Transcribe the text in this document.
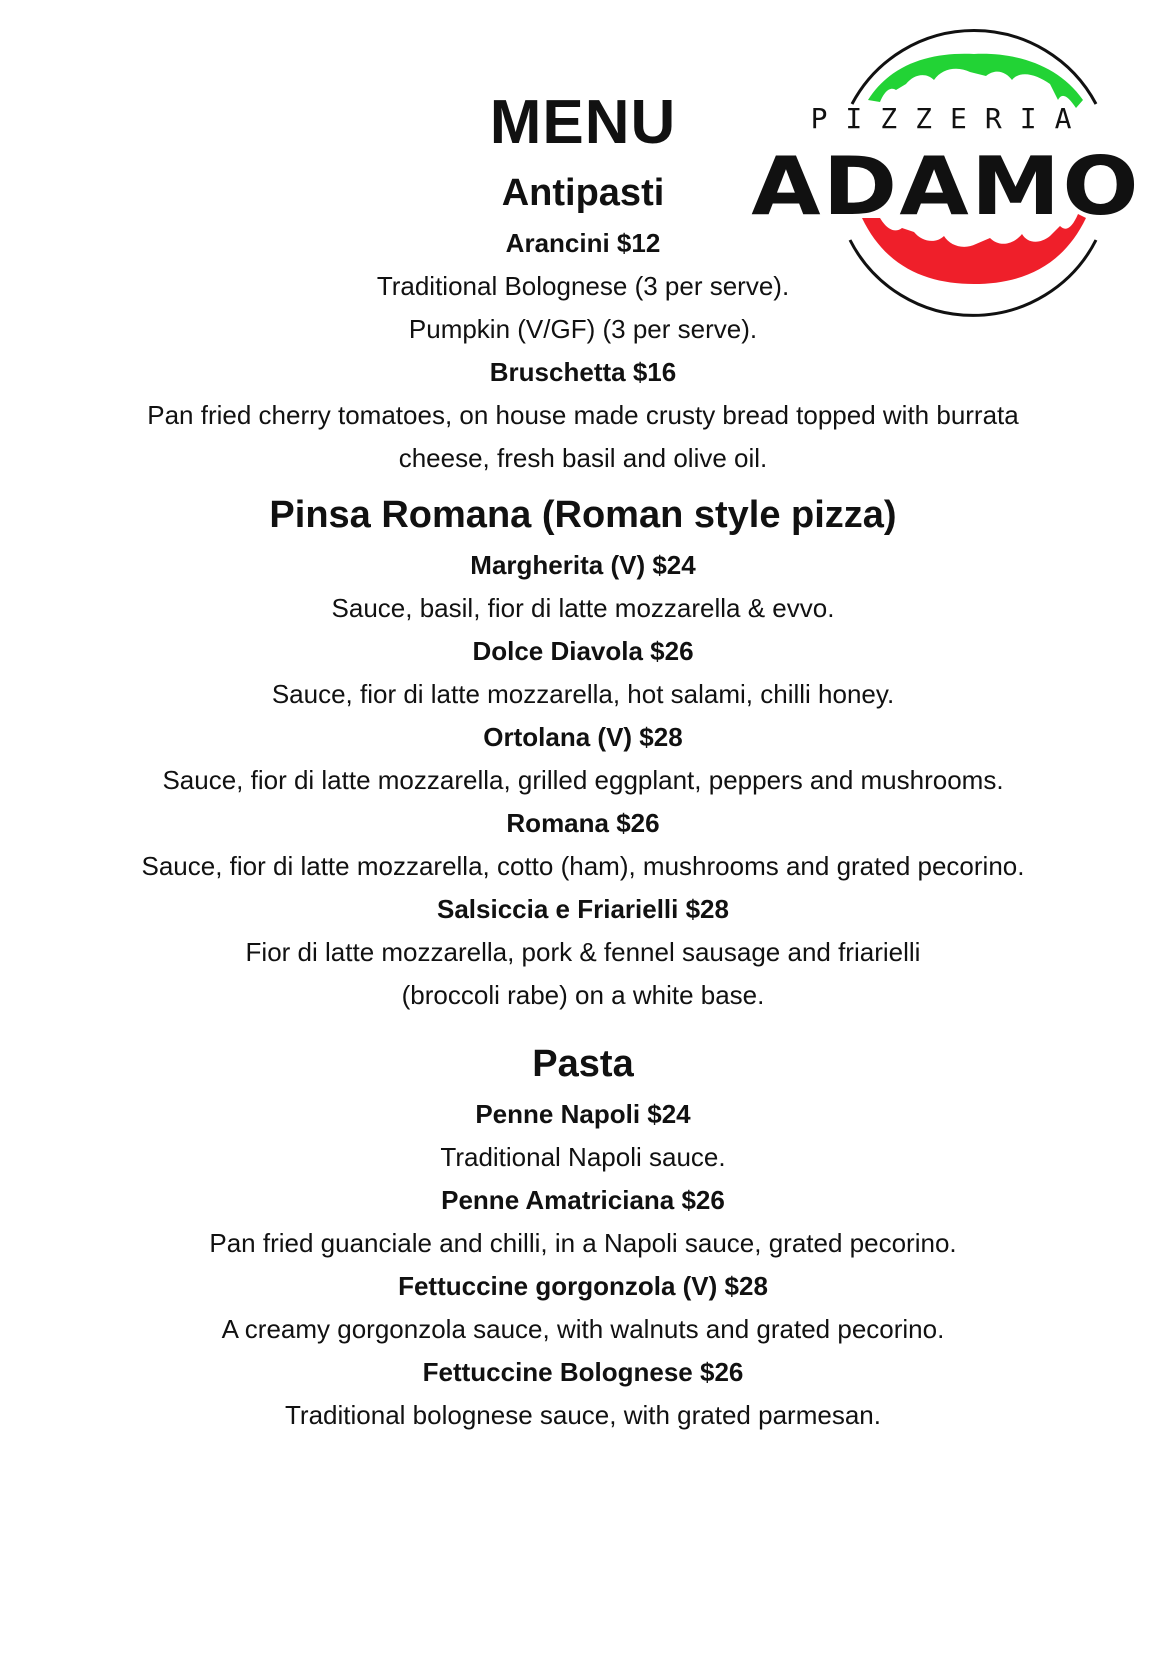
PIZZERIA
ADAMO
MENU
Antipasti
Arancini $12
Traditional Bolognese (3 per serve).
Pumpkin (V/GF) (3 per serve).
Bruschetta $16
Pan fried cherry tomatoes, on house made crusty bread topped with burrata
cheese, fresh basil and olive oil.
Pinsa Romana (Roman style pizza)
Margherita (V) $24
Sauce, basil, fior di latte mozzarella & evvo.
Dolce Diavola $26
Sauce, fior di latte mozzarella, hot salami, chilli honey.
Ortolana (V) $28
Sauce, fior di latte mozzarella, grilled eggplant, peppers and mushrooms.
Romana $26
Sauce, fior di latte mozzarella, cotto (ham), mushrooms and grated pecorino.
Salsiccia e Friarielli $28
Fior di latte mozzarella, pork & fennel sausage and friarielli
(broccoli rabe) on a white base.
Pasta
Penne Napoli $24
Traditional Napoli sauce.
Penne Amatriciana $26
Pan fried guanciale and chilli, in a Napoli sauce, grated pecorino.
Fettuccine gorgonzola (V) $28
A creamy gorgonzola sauce, with walnuts and grated pecorino.
Fettuccine Bolognese $26
Traditional bolognese sauce, with grated parmesan.
